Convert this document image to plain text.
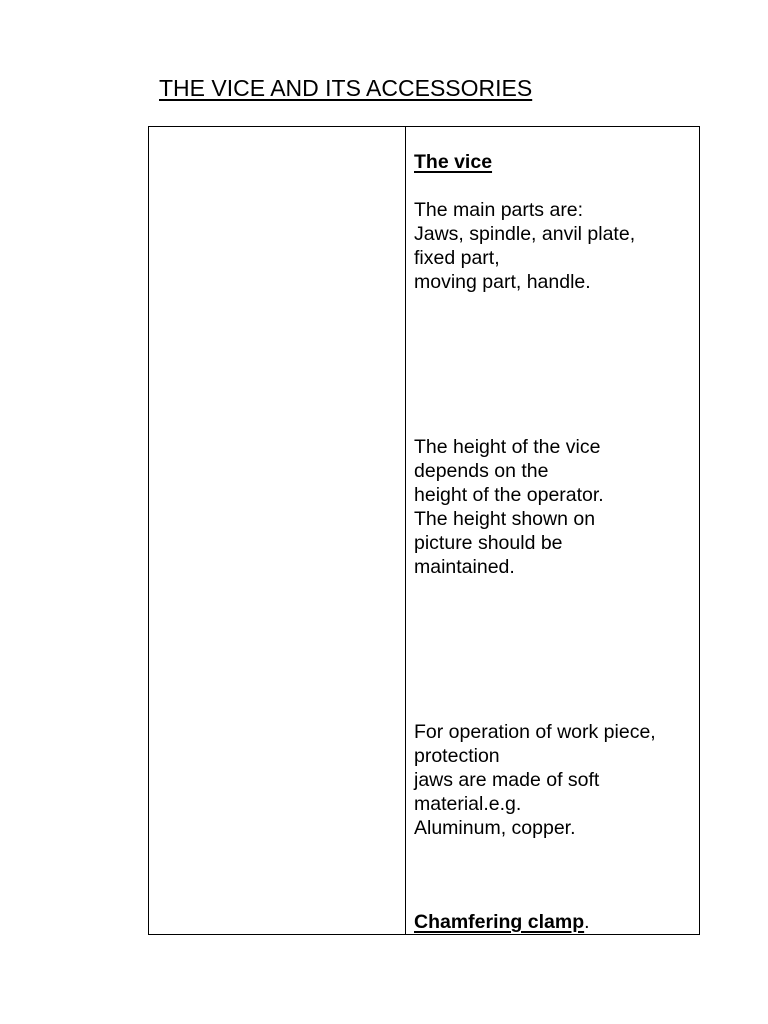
THE VICE AND ITS ACCESSORIES

The vice

The main parts are:
Jaws, spindle, anvil plate,
fixed part,
moving part, handle.

The height of the vice
depends on the
height of the operator.
The height shown on
picture should be
maintained.

For operation of work piece,
protection
jaws are made of soft
material.e.g.
Aluminum, copper.

Chamfering clamp.
